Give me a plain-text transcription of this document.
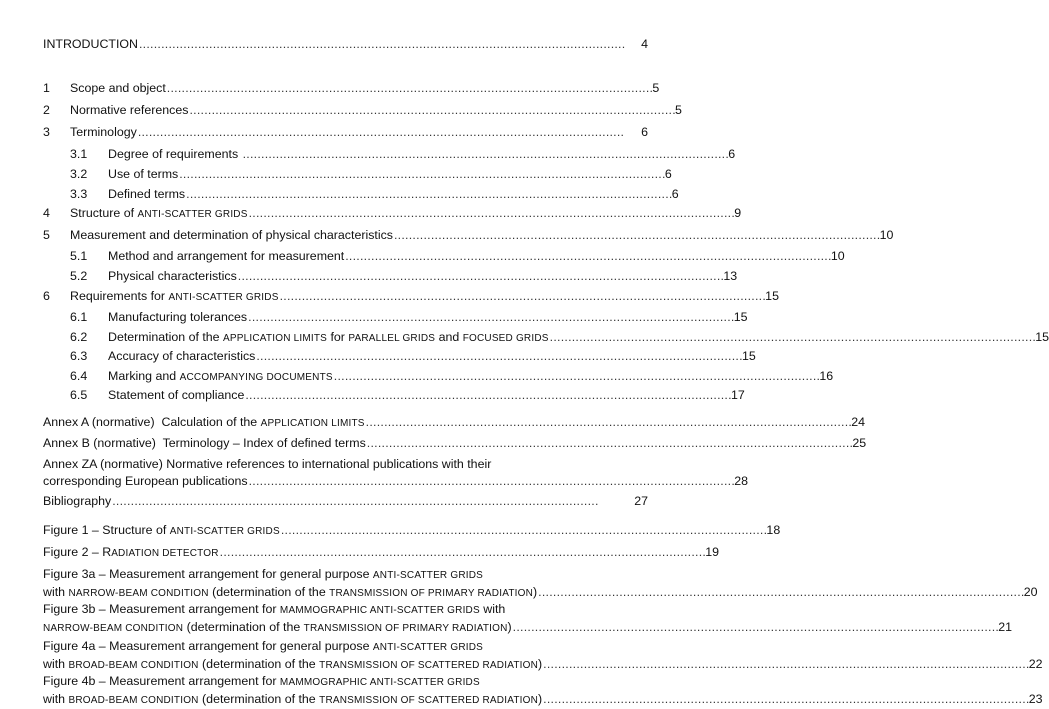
INTRODUCTION . . .	4
1	Scope and object . . .	5
2	Normative references . . .	5
3	Terminology . . .	6
3.1	Degree of requirements . . .	6
3.2	Use of terms . . .	6
3.3	Defined terms . . .	6
4	Structure of ANTI-SCATTER GRIDS . . .	9
5	Measurement and determination of physical characteristics . . .	10
5.1	Method and arrangement for measurement . . .	10
5.2	Physical characteristics . . .	13
6	Requirements for ANTI-SCATTER GRIDS . . .	15
6.1	Manufacturing tolerances . . .	15
6.2	Determination of the APPLICATION LIMITS for PARALLEL GRIDS and FOCUSED GRIDS . . .	15
6.3	Accuracy of characteristics . . .	15
6.4	Marking and ACCOMPANYING DOCUMENTS . . .	16
6.5	Statement of compliance . . .	17
Annex A (normative)  Calculation of the APPLICATION LIMITS . . .	24
Annex B (normative)  Terminology – Index of defined terms . . .	25
Annex ZA (normative) Normative references to international publications with their
corresponding European publications . . .	28
Bibliography . . .	27
Figure 1 – Structure of ANTI-SCATTER GRIDS . . .	18
Figure 2 – RADIATION DETECTOR . . .	19
Figure 3a – Measurement arrangement for general purpose ANTI-SCATTER GRIDS
with NARROW-BEAM CONDITION (determination of the TRANSMISSION OF PRIMARY RADIATION) . . .	20
Figure 3b – Measurement arrangement for MAMMOGRAPHIC ANTI-SCATTER GRIDS with
NARROW-BEAM CONDITION (determination of the TRANSMISSION OF PRIMARY RADIATION) . . .	21
Figure 4a – Measurement arrangement for general purpose ANTI-SCATTER GRIDS
with BROAD-BEAM CONDITION (determination of the TRANSMISSION OF SCATTERED RADIATION) . . .	22
Figure 4b – Measurement arrangement for MAMMOGRAPHIC ANTI-SCATTER GRIDS
with BROAD-BEAM CONDITION (determination of the TRANSMISSION OF SCATTERED RADIATION) . . .	23
